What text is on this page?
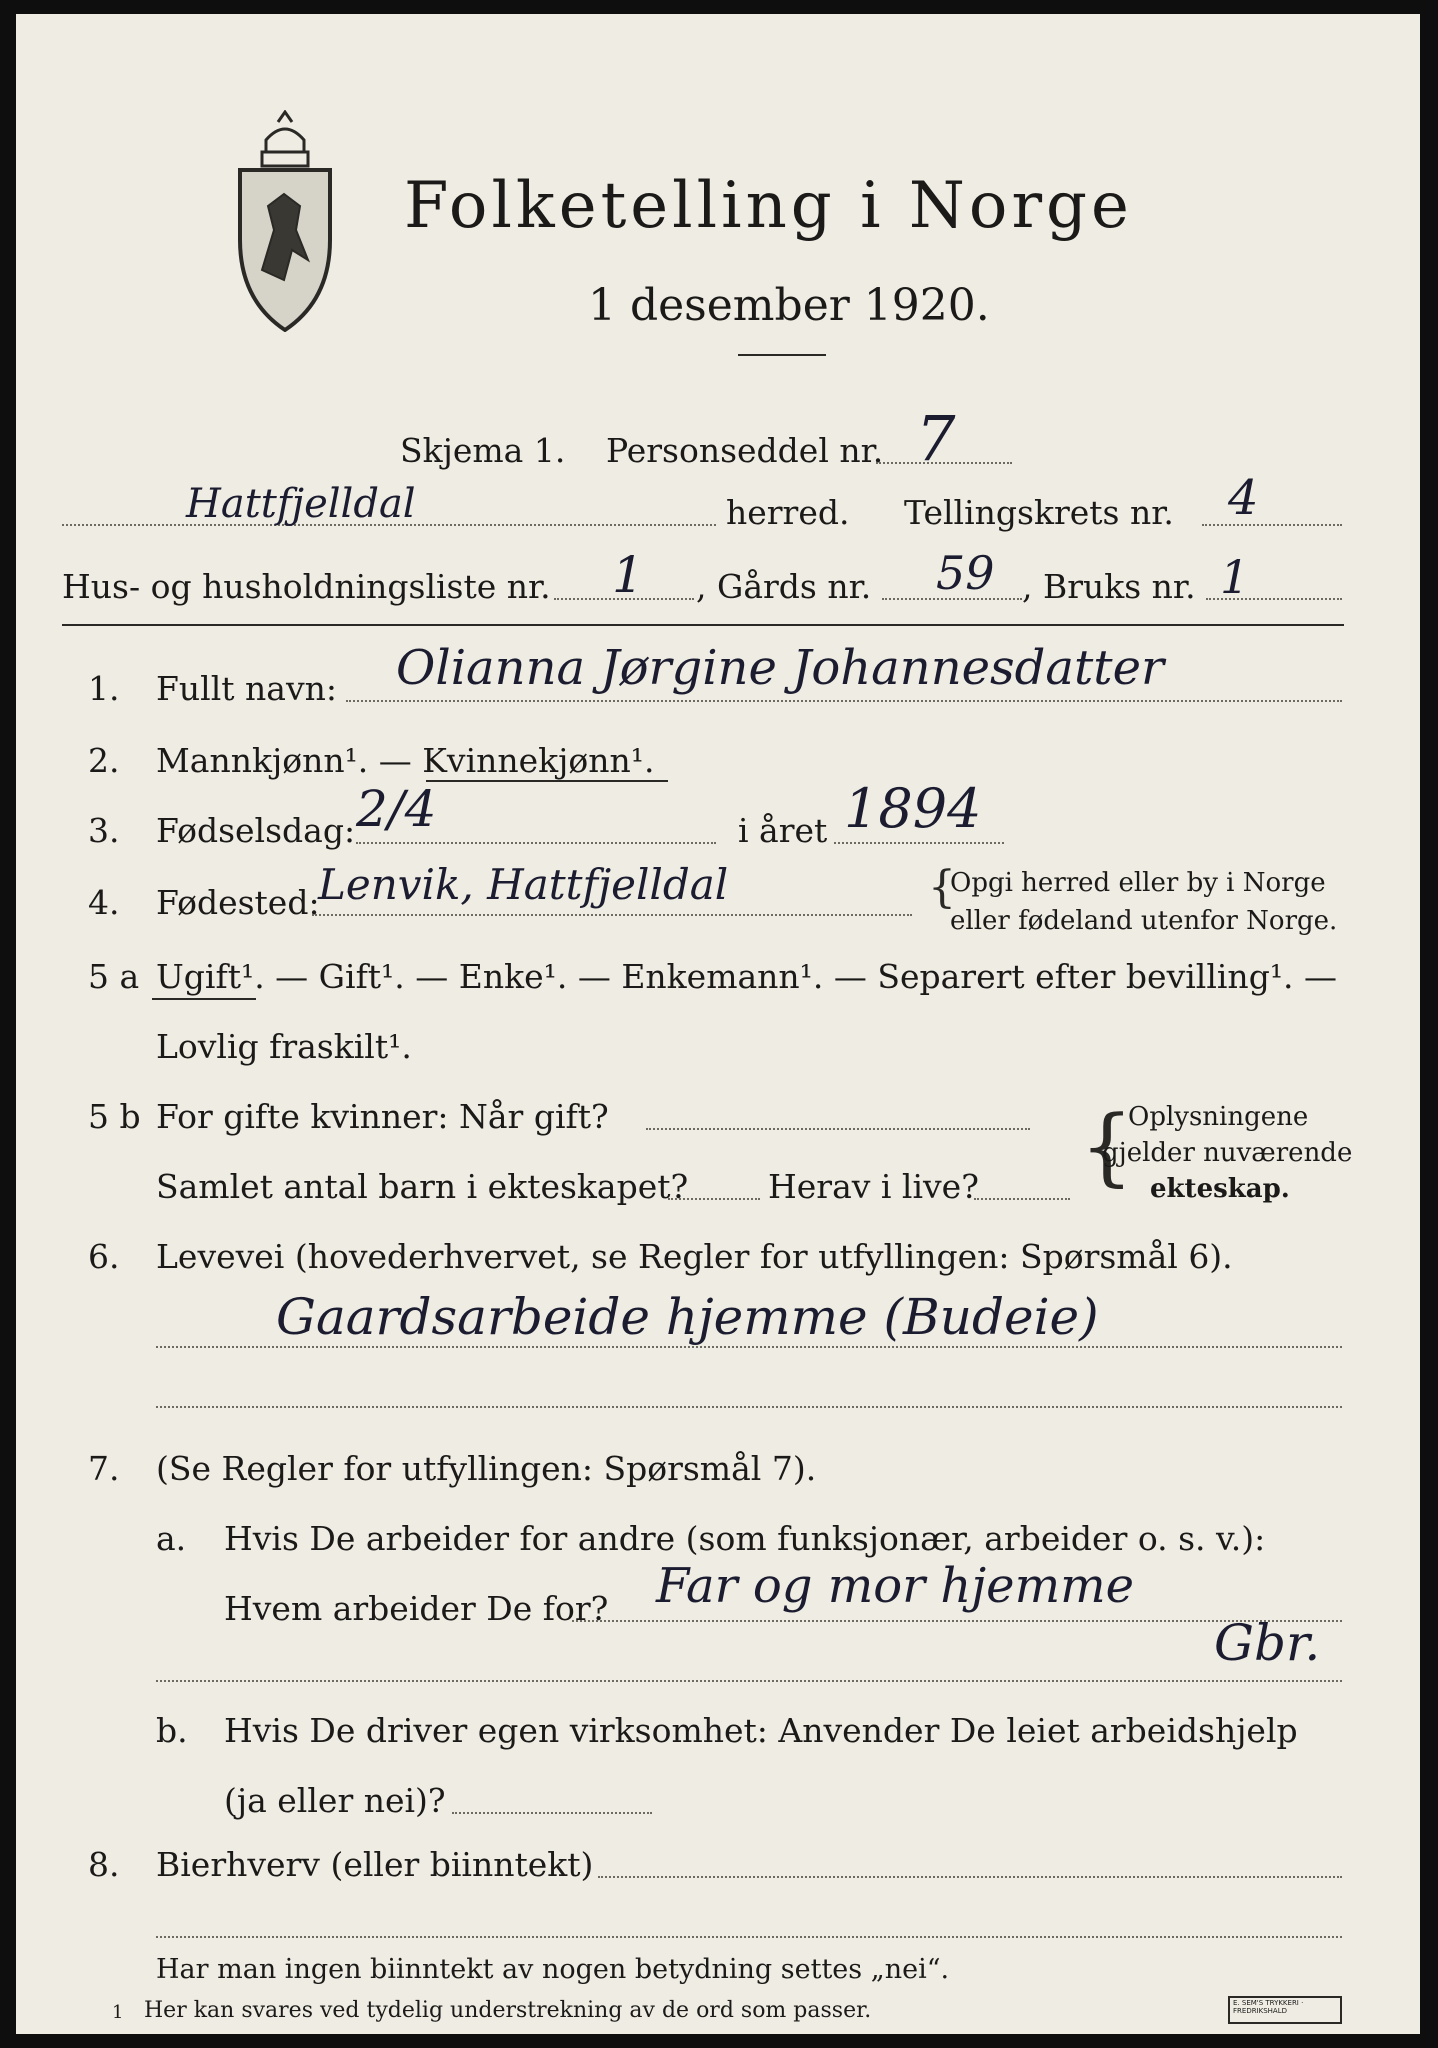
Folketelling i Norge
1 desember 1920.
Skjema 1. Personseddel nr. 7
Hattfjelldal	herred. Tellingskrets nr. 4
Hus- og husholdningsliste nr. 1 , Gårds nr. 59 , Bruks nr. 1
1. Fullt navn: Olianna Jørgine Johannesdatter
2. Mannkjønn¹. — Kvinnekjønn¹.
3. Fødselsdag: 2/4	i året 1894
4. Fødested:
Lenvik, Hattfjelldal	{
Opgi herred eller by i Norge
eller fødeland utenfor Norge.
5 a Ugift¹. — Gift¹. — Enke¹. — Enkemann¹. — Separert efter bevilling¹. —
Lovlig fraskilt¹.
5 b For gifte kvinner: Når gift?
Samlet antal barn i ekteskapet? Herav i live? {
Oplysningene
gjelder nuværende
ekteskap.
6. Levevei (hovederhvervet, se Regler for utfyllingen: Spørsmål 6).
Gaardsarbeide hjemme (Budeie)
7. (Se Regler for utfyllingen: Spørsmål 7).
a. Hvis De arbeider for andre (som funksjonær, arbeider o. s. v.):
Hvem arbeider De for? Far og mor hjemme
Gbr.
b. Hvis De driver egen virksomhet: Anvender De leiet arbeidshjelp
(ja eller nei)?
8. Bierhverv (eller biinntekt)
Har man ingen biinntekt av nogen betydning settes „nei“.
1 Her kan svares ved tydelig understrekning av de ord som passer.	E. SEM'S TRYKKERI · FREDRIKSHALD
